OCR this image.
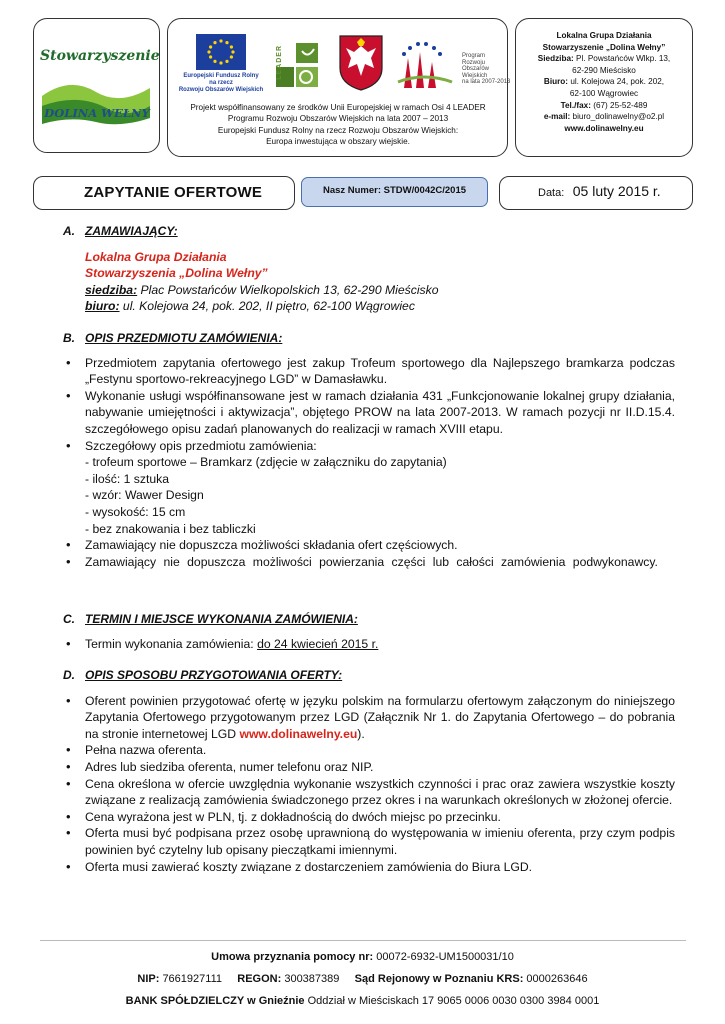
Stowarzyszenie
DOLINA WEŁNY
Europejski Fundusz Rolny
na rzecz
Rozwoju Obszarów Wiejskich
LEADER	Program
Rozwoju
Obszarów
Wiejskich
na lata 2007-2013
Projekt współfinansowany ze środków Unii Europejskiej w ramach Osi 4 LEADER
Programu Rozwoju Obszarów Wiejskich na lata 2007 – 2013
Europejski Fundusz Rolny na rzecz Rozwoju Obszarów Wiejskich:
Europa inwestująca w obszary wiejskie.
Lokalna Grupa Działania
Stowarzyszenie „Dolina Wełny”
Siedziba: Pl. Powstańców Wlkp. 13,
62-290 Mieścisko
Biuro: ul. Kolejowa 24, pok. 202,
62-100 Wągrowiec
Tel./fax: (67) 25-52-489
e-mail: biuro_dolinawelny@o2.pl
www.dolinawelny.eu
ZAPYTANIE OFERTOWE	Nasz Numer: STDW/0042C/2015	Data: 05 luty 2015 r.
A. ZAMAWIAJĄCY:
Lokalna Grupa Działania
Stowarzyszenia „Dolina Wełny”
siedziba: Plac Powstańców Wielkopolskich 13, 62-290 Mieścisko
biuro: ul. Kolejowa 24, pok. 202, II piętro, 62-100 Wągrowiec
B. OPIS PRZEDMIOTU ZAMÓWIENIA:
• Przedmiotem zapytania ofertowego jest zakup Trofeum sportowego dla Najlepszego bramkarza podczas „Festynu sportowo-rekreacyjnego LGD” w Damasławku.
• Wykonanie usługi współfinansowane jest w ramach działania 431 „Funkcjonowanie lokalnej grupy działania, nabywanie umiejętności i aktywizacja”, objętego PROW na lata 2007-2013. W ramach pozycji nr II.D.15.4. szczegółowego opisu zadań planowanych do realizacji w ramach XVIII etapu.
• Szczegółowy opis przedmiotu zamówienia:
- trofeum sportowe – Bramkarz (zdjęcie w załączniku do zapytania)
- ilość: 1 sztuka
- wzór: Wawer Design
- wysokość: 15 cm
- bez znakowania i bez tabliczki
• Zamawiający nie dopuszcza możliwości składania ofert częściowych.
• Zamawiający nie dopuszcza możliwości powierzania części lub całości zamówienia podwykonawcy.
C. TERMIN I MIEJSCE WYKONANIA ZAMÓWIENIA:
• Termin wykonania zamówienia: do 24 kwiecień 2015 r.
D. OPIS SPOSOBU PRZYGOTOWANIA OFERTY:
• Oferent powinien przygotować ofertę w języku polskim na formularzu ofertowym załączonym do niniejszego Zapytania Ofertowego przygotowanym przez LGD (Załącznik Nr 1. do Zapytania Ofertowego – do pobrania na stronie internetowej LGD www.dolinawelny.eu).
• Pełna nazwa oferenta.
• Adres lub siedziba oferenta, numer telefonu oraz NIP.
• Cena określona w ofercie uwzględnia wykonanie wszystkich czynności i prac oraz zawiera wszystkie koszty związane z realizacją zamówienia świadczonego przez okres i na warunkach określonych w złożonej ofercie.
• Cena wyrażona jest w PLN, tj. z dokładnością do dwóch miejsc po przecinku.
• Oferta musi być podpisana przez osobę uprawnioną do występowania w imieniu oferenta, przy czym podpis powinien być czytelny lub opisany pieczątkami imiennymi.
• Oferta musi zawierać koszty związane z dostarczeniem zamówienia do Biura LGD.
Umowa przyznania pomocy nr: 00072-6932-UM1500031/10
NIP: 7661927111 REGON: 300387389 Sąd Rejonowy w Poznaniu KRS: 0000263646
BANK SPÓŁDZIELCZY w Gnieźnie Oddział w Mieściskach 17 9065 0006 0030 0300 3984 0001
